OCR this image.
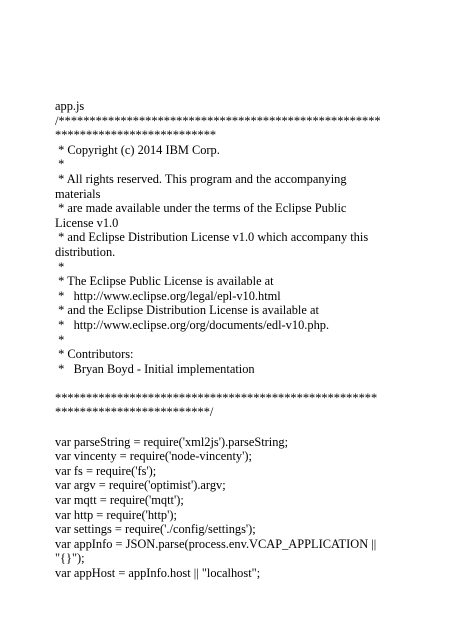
app.js
/****************************************************
**************************
* Copyright (c) 2014 IBM Corp.
*
* All rights reserved. This program and the accompanying
materials
* are made available under the terms of the Eclipse Public
License v1.0
* and Eclipse Distribution License v1.0 which accompany this
distribution.
*
* The Eclipse Public License is available at
*   http://www.eclipse.org/legal/epl-v10.html
* and the Eclipse Distribution License is available at
*   http://www.eclipse.org/org/documents/edl-v10.php.
*
* Contributors:
*   Bryan Boyd - Initial implementation
****************************************************
*************************/
var parseString = require('xml2js').parseString;
var vincenty = require('node-vincenty');
var fs = require('fs');
var argv = require('optimist').argv;
var mqtt = require('mqtt');
var http = require('http');
var settings = require('./config/settings');
var appInfo = JSON.parse(process.env.VCAP_APPLICATION ||
"{}");
var appHost = appInfo.host || "localhost";
